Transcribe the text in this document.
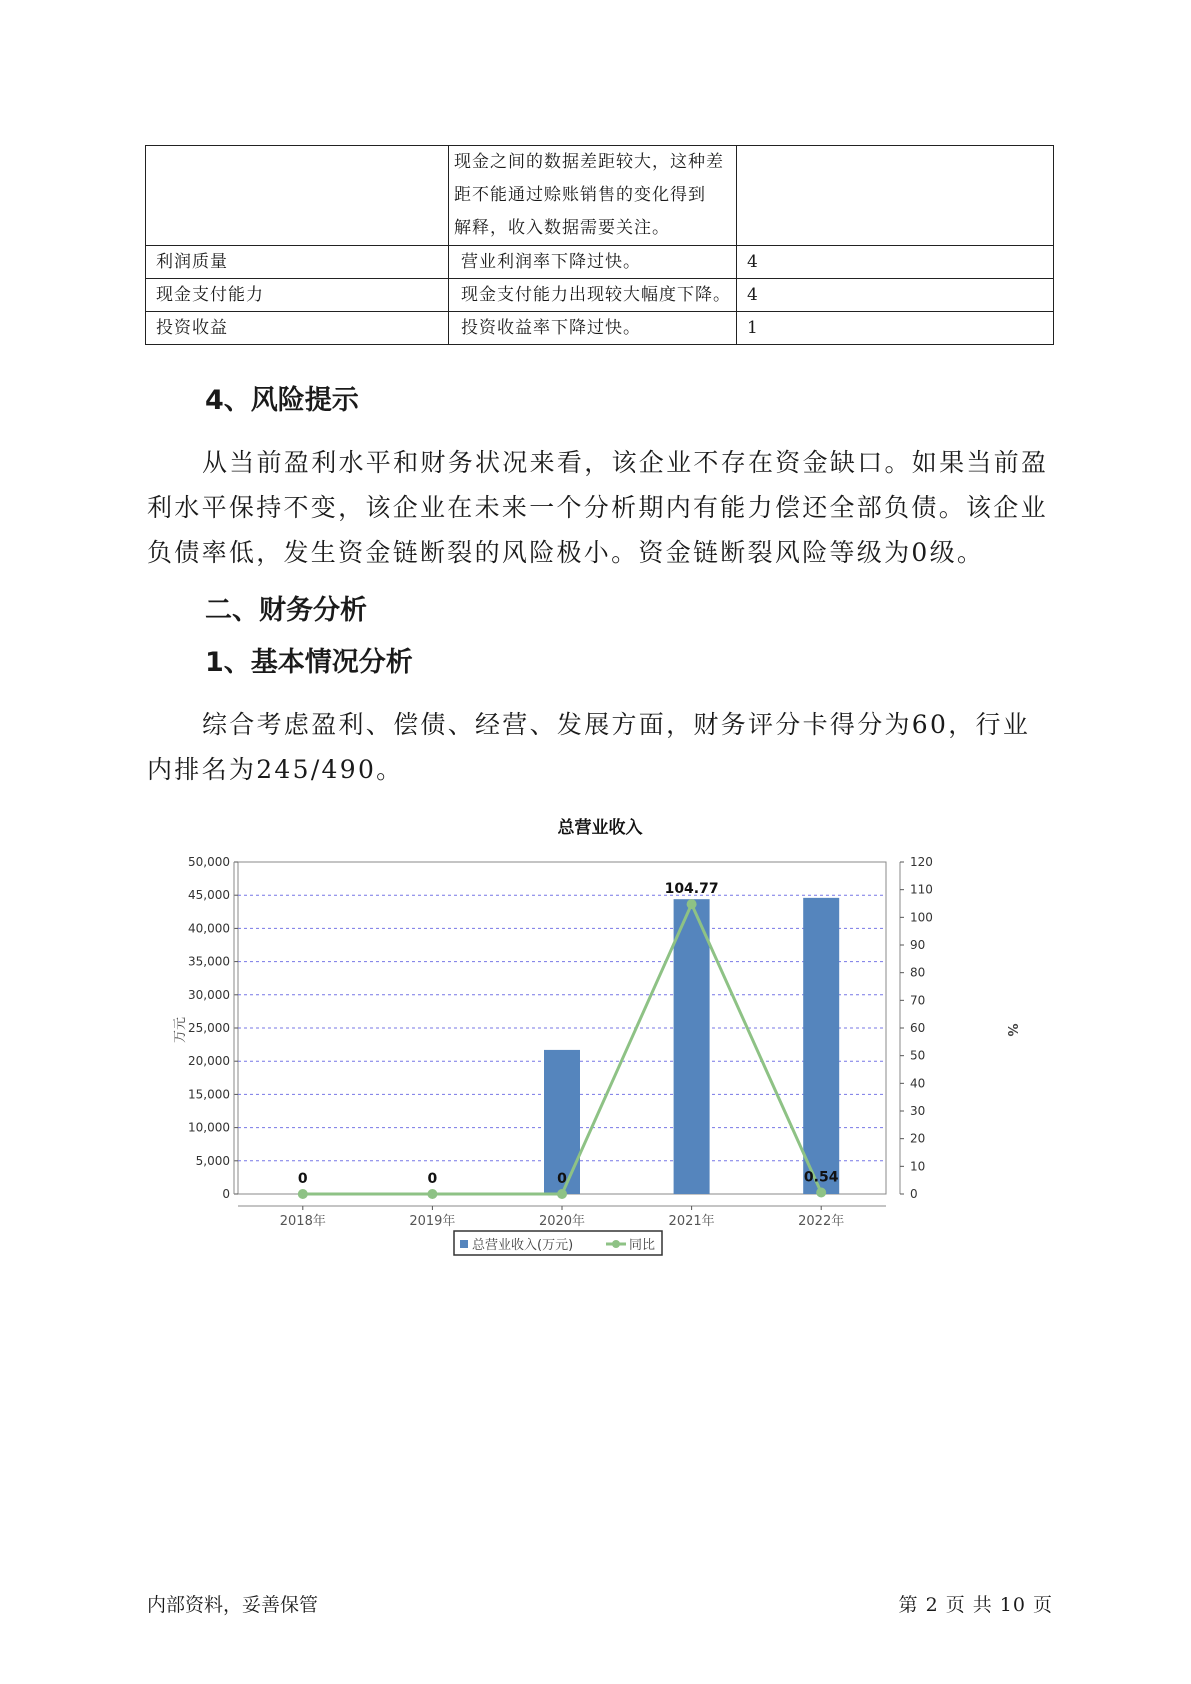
	现金之间的数据差距较大，这种差
距不能通过赊账销售的变化得到
解释，收入数据需要关注。	

利润质量	营业利润率下降过快。	4
现金支付能力	现金支付能力出现较大幅度下降。	4
投资收益	投资收益率下降过快。	1
4、风险提示

从当前盈利水平和财务状况来看，该企业不存在资金缺口。如果当前盈利水平保持不变，该企业在未来一个分析期内有能力偿还全部负债。该企业负债率低，发生资金链断裂的风险极小。资金链断裂风险等级为0级。

二、财务分析
1、基本情况分析

综合考虑盈利、偿债、经营、发展方面，财务评分卡得分为60，行业内排名为245/490。

总营业收入
0
5,000
10,000
15,000
20,000
25,000
30,000
35,000
40,000
45,000
50,000
0
10
20
30
40
50
60
70
80
90
100
110
120
2018年	2019年	2020年	2021年	2022年
0	0	0
104.77
0.54
万元	%
总营业收入(万元)	同比
内部资料，妥善保管	第 2 页 共 10 页
